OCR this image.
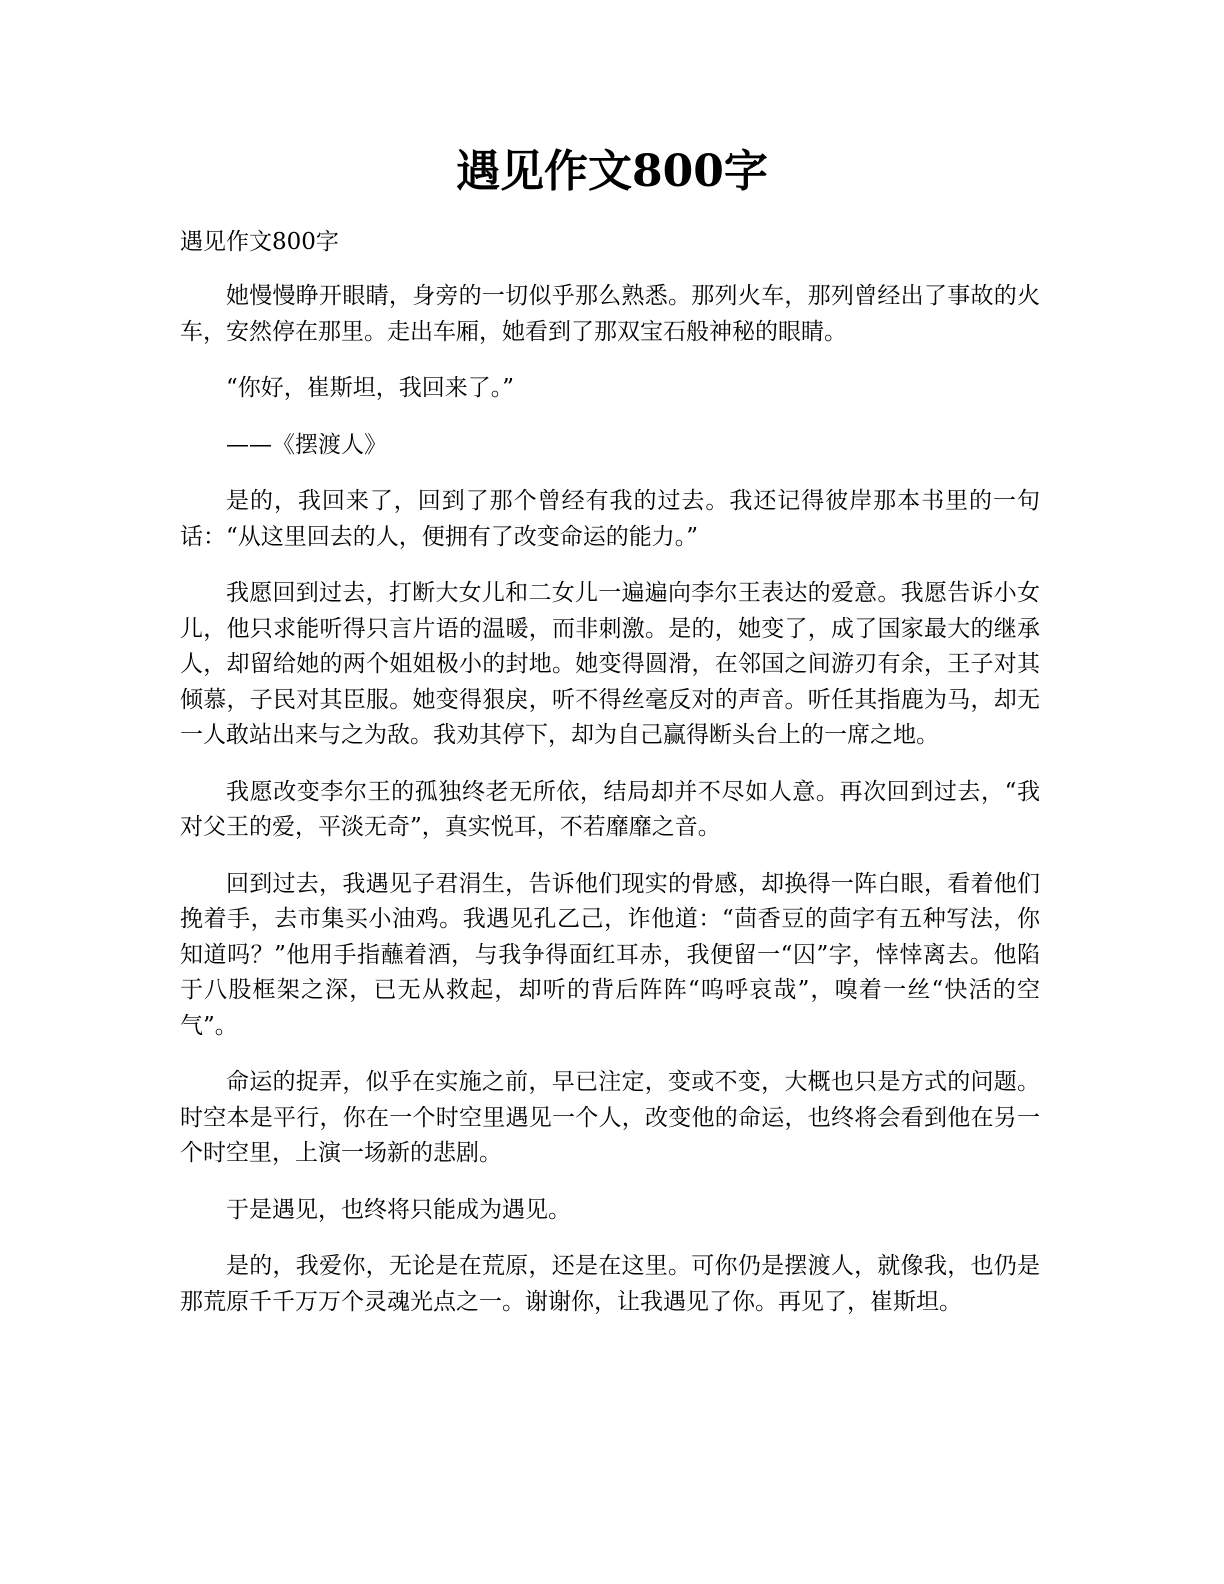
遇见作文800字

遇见作文800字

她慢慢睁开眼睛，身旁的一切似乎那么熟悉。那列火车，那列曾经出了事故的火车，安然停在那里。走出车厢，她看到了那双宝石般神秘的眼睛。

“你好，崔斯坦，我回来了。”

——《摆渡人》

是的，我回来了，回到了那个曾经有我的过去。我还记得彼岸那本书里的一句话：“从这里回去的人，便拥有了改变命运的能力。”

我愿回到过去，打断大女儿和二女儿一遍遍向李尔王表达的爱意。我愿告诉小女儿，他只求能听得只言片语的温暖，而非刺激。是的，她变了，成了国家最大的继承人，却留给她的两个姐姐极小的封地。她变得圆滑，在邻国之间游刃有余，王子对其倾慕，子民对其臣服。她变得狠戾，听不得丝毫反对的声音。听任其指鹿为马，却无一人敢站出来与之为敌。我劝其停下，却为自己赢得断头台上的一席之地。

我愿改变李尔王的孤独终老无所依，结局却并不尽如人意。再次回到过去，“我对父王的爱，平淡无奇”，真实悦耳，不若靡靡之音。

回到过去，我遇见子君涓生，告诉他们现实的骨感，却换得一阵白眼，看着他们挽着手，去市集买小油鸡。我遇见孔乙己，诈他道：“茴香豆的茴字有五种写法，你知道吗？”他用手指蘸着酒，与我争得面红耳赤，我便留一“囚”字，悻悻离去。他陷于八股框架之深，已无从救起，却听的背后阵阵“呜呼哀哉”，嗅着一丝“快活的空气”。

命运的捉弄，似乎在实施之前，早已注定，变或不变，大概也只是方式的问题。时空本是平行，你在一个时空里遇见一个人，改变他的命运，也终将会看到他在另一个时空里，上演一场新的悲剧。

于是遇见，也终将只能成为遇见。

是的，我爱你，无论是在荒原，还是在这里。可你仍是摆渡人，就像我，也仍是那荒原千千万万个灵魂光点之一。谢谢你，让我遇见了你。再见了，崔斯坦。
